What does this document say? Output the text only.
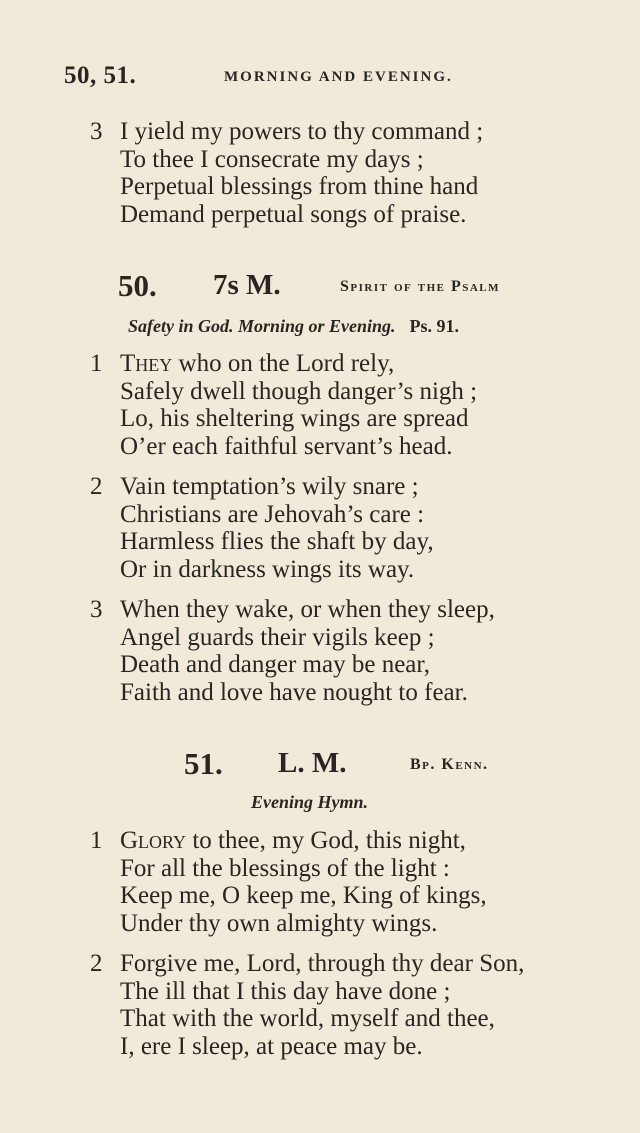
50, 51.	MORNING AND EVENING.
3 I yield my powers to thy command ;
To thee I consecrate my days ;
Perpetual blessings from thine hand
Demand perpetual songs of praise.
50. 7s M.	Spirit of the Psalm
Safety in God. Morning or Evening. Ps. 91.
1 They who on the Lord rely,
Safely dwell though danger’s nigh ;
Lo, his sheltering wings are spread
O’er each faithful servant’s head.
2 Vain temptation’s wily snare ;
Christians are Jehovah’s care :
Harmless flies the shaft by day,
Or in darkness wings its way.
3 When they wake, or when they sleep,
Angel guards their vigils keep ;
Death and danger may be near,
Faith and love have nought to fear.
51. L. M.	Bp. Kenn.
Evening Hymn.
1 Glory to thee, my God, this night,
For all the blessings of the light :
Keep me, O keep me, King of kings,
Under thy own almighty wings.
2 Forgive me, Lord, through thy dear Son,
The ill that I this day have done ;
That with the world, myself and thee,
I, ere I sleep, at peace may be.
